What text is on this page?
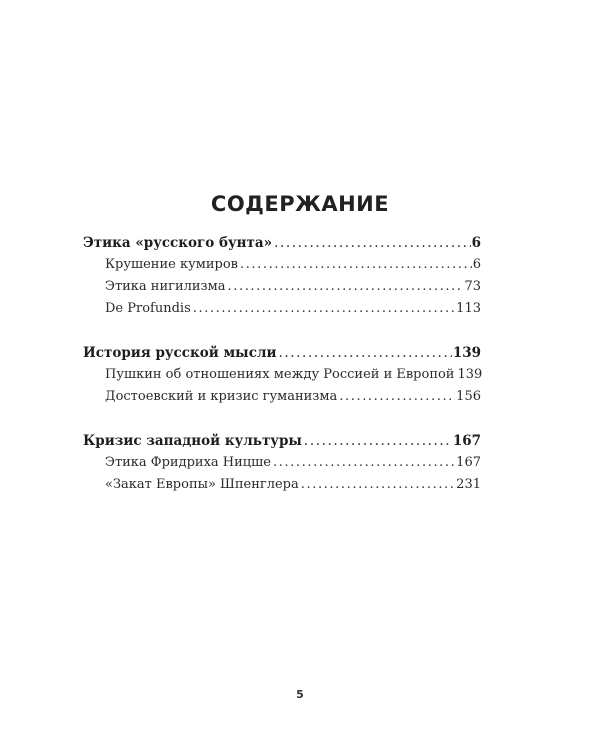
СОДЕРЖАНИЕ
Этика «русского бунта» .....	6
Крушение кумиров .....	6
Этика нигилизма .....	73
De Profundis .....	113
История русской мысли .....	139
Пушкин об отношениях между Россией и Европой 139
Достоевский и кризис гуманизма .....	156
Кризис западной культуры .....	167
Этика Фридриха Ницше .....	167
«Закат Европы» Шпенглера .....	231
5
